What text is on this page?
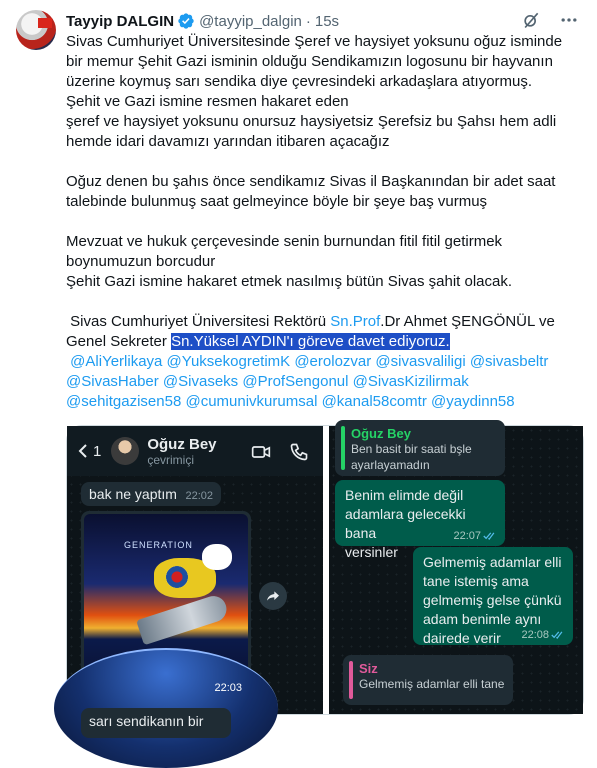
Tayyip DALGIN @tayyip_dalgin · 15s

Sivas Cumhuriyet Üniversitesinde Şeref ve haysiyet yoksunu oğuz isminde

bir memur Şehit Gazi isminin olduğu Sendikamızın logosunu bir hayvanın

üzerine koymuş sarı sendika diye çevresindeki arkadaşlara atıyormuş.

Şehit ve Gazi ismine resmen hakaret eden

şeref ve haysiyet yoksunu onursuz haysiyetsiz Şerefsiz bu Şahsı hem adli

hemde idari davamızı yarından itibaren açacağız

Oğuz denen bu şahıs önce sendikamız Sivas il Başkanından bir adet saat

talebinde bulunmuş saat gelmeyince böyle bir şeye baş vurmuş

Mevzuat ve hukuk çerçevesinde senin burnundan fitil fitil getirmek

boynumuzun borcudur

Şehit Gazi ismine hakaret etmek nasılmış bütün Sivas şahit olacak.

Sivas Cumhuriyet Üniversitesi Rektörü Sn.Prof.Dr Ahmet ŞENGÖNÜL ve

Genel Sekreter Sn.Yüksel AYDIN'ı göreve davet ediyoruz.

@AliYerlikaya @YuksekogretimK @erolozvar @sivasvaliligi @sivasbeltr

@SivasHaber @Sivaseks @ProfSengonul @SivasKizilirmak

@sehitgazisen58 @cumunivkurumsal @kanal58comtr @yaydinn58

1	Oğuz Bey
çevrimiçi
bak ne yaptım 22:02
GENERATION
22:03
sarı sendikanın bir
Oğuz Bey
Ben basit bir saati bşle
ayarlayamadın
Benim elimde değil
adamlara gelecekki bana
versinler
22:07
Gelmemiş adamlar elli
tane istemiş ama
gelmemiş gelse çünkü
adam benimle aynı
dairede verir	22:08
Siz
Gelmemiş adamlar elli tane
